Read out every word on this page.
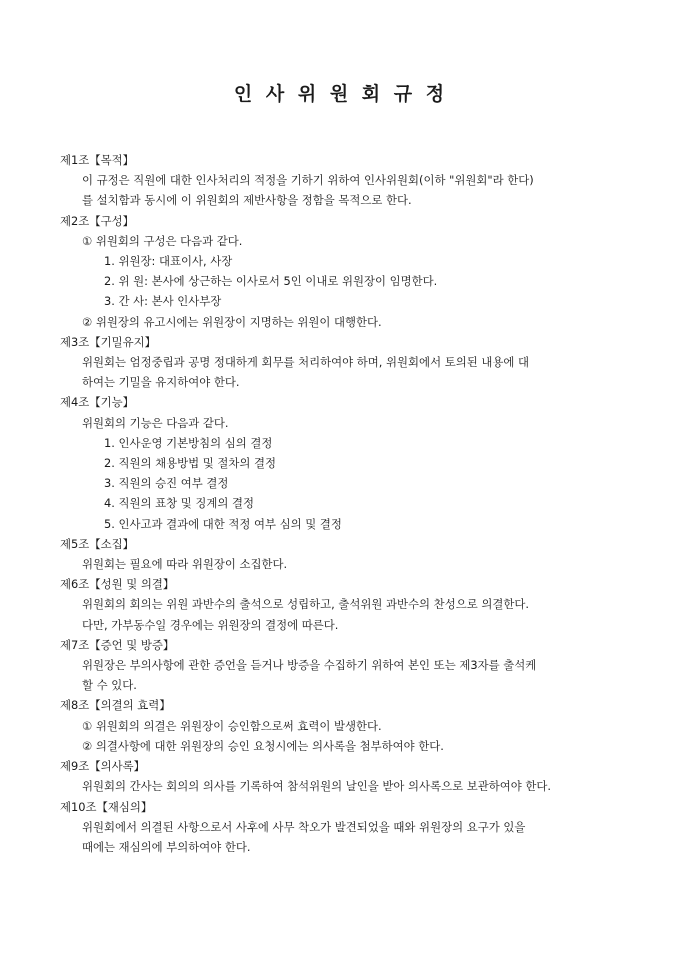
인 사 위 원 회 규 정
제1조【목적】
이 규정은 직원에 대한 인사처리의 적정을 기하기 위하여 인사위원회(이하 "위원회"라 한다)
를 설치함과 동시에 이 위원회의 제반사항을 정함을 목적으로 한다.
제2조【구성】
① 위원회의 구성은 다음과 같다.
1. 위원장: 대표이사, 사장
2. 위 원: 본사에 상근하는 이사로서 5인 이내로 위원장이 임명한다.
3. 간 사: 본사 인사부장
② 위원장의 유고시에는 위원장이 지명하는 위원이 대행한다.
제3조【기밀유지】
위원회는 엄정중립과 공명 정대하게 회무를 처리하여야 하며, 위원회에서 토의된 내용에 대
하여는 기밀을 유지하여야 한다.
제4조【기능】
위원회의 기능은 다음과 같다.
1. 인사운영 기본방침의 심의 결정
2. 직원의 채용방법 및 절차의 결정
3. 직원의 승진 여부 결정
4. 직원의 표창 및 징계의 결정
5. 인사고과 결과에 대한 적정 여부 심의 및 결정
제5조【소집】
위원회는 필요에 따라 위원장이 소집한다.
제6조【성원 및 의결】
위원회의 회의는 위원 과반수의 출석으로 성립하고, 출석위원 과반수의 찬성으로 의결한다.
다만, 가부동수일 경우에는 위원장의 결정에 따른다.
제7조【증언 및 방증】
위원장은 부의사항에 관한 증언을 듣거나 방증을 수집하기 위하여 본인 또는 제3자를 출석케
할 수 있다.
제8조【의결의 효력】
① 위원회의 의결은 위원장이 승인함으로써 효력이 발생한다.
② 의결사항에 대한 위원장의 승인 요청시에는 의사록을 첨부하여야 한다.
제9조【의사록】
위원회의 간사는 회의의 의사를 기록하여 참석위원의 날인을 받아 의사록으로 보관하여야 한다.
제10조【재심의】
위원회에서 의결된 사항으로서 사후에 사무 착오가 발견되었을 때와 위원장의 요구가 있을
때에는 재심의에 부의하여야 한다.
